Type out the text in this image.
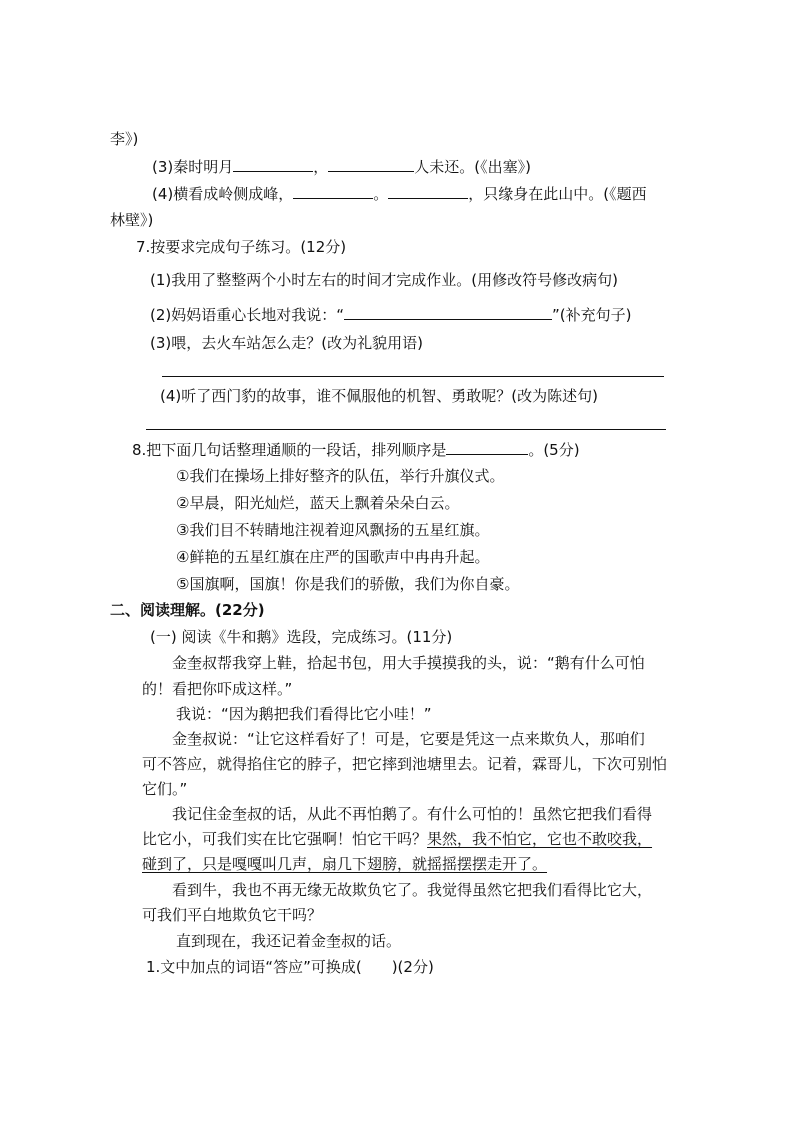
李》)
(3)秦时明月	，	人未还。(《出塞》)
(4)横看成岭侧成峰，	。	，只缘身在此山中。(《题西
林壁》)
7.按要求完成句子练习。(12分)
(1)我用了整整两个小时左右的时间才完成作业。(用修改符号修改病句)
(2)妈妈语重心长地对我说：“	”(补充句子)
(3)喂，去火车站怎么走？(改为礼貌用语)
(4)听了西门豹的故事，谁不佩服他的机智、勇敢呢？(改为陈述句)
8.把下面几句话整理通顺的一段话，排列顺序是	。(5分)
①我们在操场上排好整齐的队伍，举行升旗仪式。
②早晨，阳光灿烂，蓝天上飘着朵朵白云。
③我们目不转睛地注视着迎风飘扬的五星红旗。
④鲜艳的五星红旗在庄严的国歌声中冉冉升起。
⑤国旗啊，国旗！你是我们的骄傲，我们为你自豪。
二、阅读理解。(22分)
(一) 阅读《牛和鹅》选段，完成练习。(11分)
金奎叔帮我穿上鞋，拾起书包，用大手摸摸我的头，说：“鹅有什么可怕
的！看把你吓成这样。”
我说：“因为鹅把我们看得比它小哇！”
金奎叔说：“让它这样看好了！可是，它要是凭这一点来欺负人，那咱们
可不答应，就得掐住它的脖子，把它摔到池塘里去。记着，霖哥儿，下次可别怕
它们。”
我记住金奎叔的话，从此不再怕鹅了。有什么可怕的！虽然它把我们看得
比它小，可我们实在比它强啊！怕它干吗？果然，我不怕它，它也不敢咬我，
碰到了，只是嘎嘎叫几声，扇几下翅膀，就摇摇摆摆走开了。
看到牛，我也不再无缘无故欺负它了。我觉得虽然它把我们看得比它大，
可我们平白地欺负它干吗？
直到现在，我还记着金奎叔的话。
1.文中加点的词语“答应”可换成(　　)(2分)
